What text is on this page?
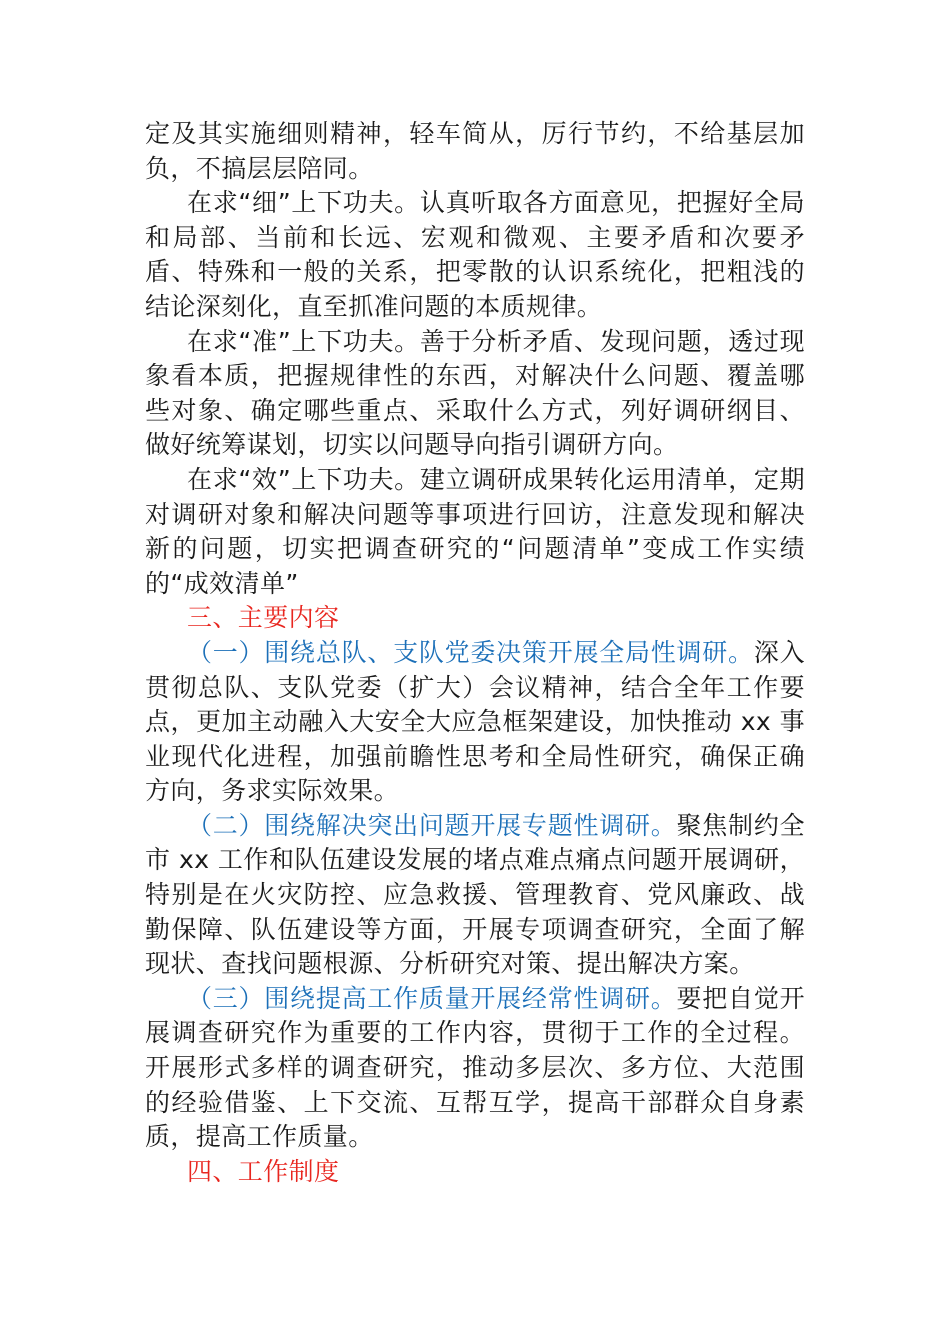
定及其实施细则精神，轻车简从，厉行节约，不给基层加负，不搞层层陪同。

在求“细”上下功夫。认真听取各方面意见，把握好全局和局部、当前和长远、宏观和微观、主要矛盾和次要矛盾、特殊和一般的关系，把零散的认识系统化，把粗浅的结论深刻化，直至抓准问题的本质规律。

在求“准”上下功夫。善于分析矛盾、发现问题，透过现象看本质，把握规律性的东西，对解决什么问题、覆盖哪些对象、确定哪些重点、采取什么方式，列好调研纲目、做好统筹谋划，切实以问题导向指引调研方向。

在求“效”上下功夫。建立调研成果转化运用清单，定期对调研对象和解决问题等事项进行回访，注意发现和解决新的问题，切实把调查研究的“问题清单”变成工作实绩的“成效清单”

三、主要内容

（一）围绕总队、支队党委决策开展全局性调研。深入贯彻总队、支队党委（扩大）会议精神，结合全年工作要点，更加主动融入大安全大应急框架建设，加快推动 xx 事业现代化进程，加强前瞻性思考和全局性研究，确保正确方向，务求实际效果。

（二）围绕解决突出问题开展专题性调研。聚焦制约全市 xx 工作和队伍建设发展的堵点难点痛点问题开展调研，特别是在火灾防控、应急救援、管理教育、党风廉政、战勤保障、队伍建设等方面，开展专项调查研究，全面了解现状、查找问题根源、分析研究对策、提出解决方案。

（三）围绕提高工作质量开展经常性调研。要把自觉开展调查研究作为重要的工作内容，贯彻于工作的全过程。开展形式多样的调查研究，推动多层次、多方位、大范围的经验借鉴、上下交流、互帮互学，提高干部群众自身素质，提高工作质量。

四、工作制度
